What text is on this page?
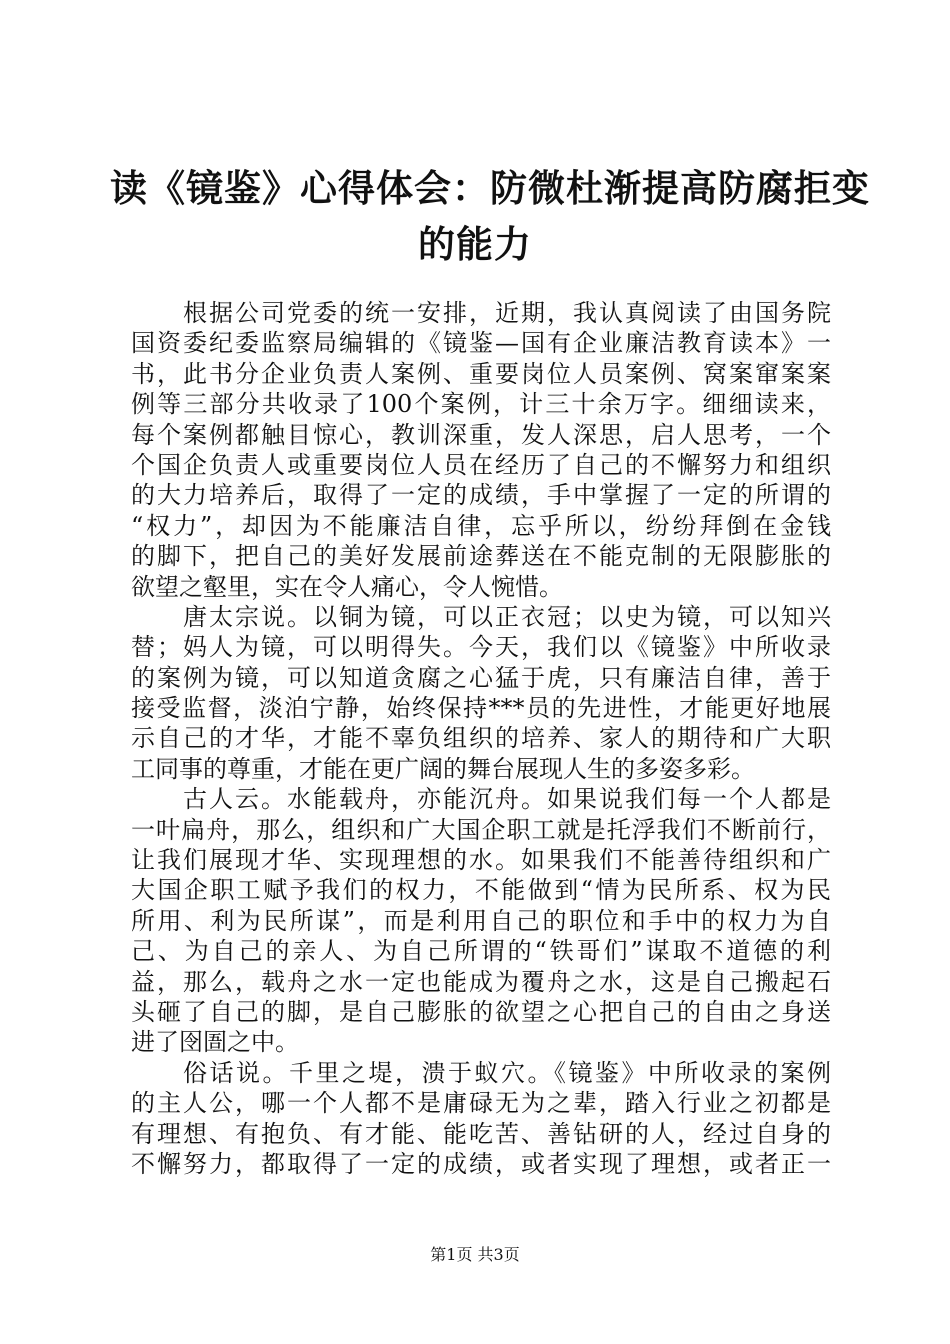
读《镜鉴》心得体会：防微杜渐提高防腐拒变
的能力
根据公司党委的统一安排，近期，我认真阅读了由国务院
国资委纪委监察局编辑的《镜鉴—国有企业廉洁教育读本》一
书，此书分企业负责人案例、重要岗位人员案例、窝案窜案案
例等三部分共收录了100个案例，计三十余万字。细细读来，
每个案例都触目惊心，教训深重，发人深思，启人思考，一个
个国企负责人或重要岗位人员在经历了自己的不懈努力和组织
的大力培养后，取得了一定的成绩，手中掌握了一定的所谓的
“权力”，却因为不能廉洁自律，忘乎所以，纷纷拜倒在金钱
的脚下，把自己的美好发展前途葬送在不能克制的无限膨胀的
欲望之壑里，实在令人痛心，令人惋惜。
唐太宗说。以铜为镜，可以正衣冠；以史为镜，可以知兴
替；妈人为镜，可以明得失。今天，我们以《镜鉴》中所收录
的案例为镜，可以知道贪腐之心猛于虎，只有廉洁自律，善于
接受监督，淡泊宁静，始终保持***员的先进性，才能更好地展
示自己的才华，才能不辜负组织的培养、家人的期待和广大职
工同事的尊重，才能在更广阔的舞台展现人生的多姿多彩。
古人云。水能载舟，亦能沉舟。如果说我们每一个人都是
一叶扁舟，那么，组织和广大国企职工就是托浮我们不断前行，
让我们展现才华、实现理想的水。如果我们不能善待组织和广
大国企职工赋予我们的权力，不能做到“情为民所系、权为民
所用、利为民所谋”，而是利用自己的职位和手中的权力为自
己、为自己的亲人、为自己所谓的“铁哥们”谋取不道德的利
益，那么，载舟之水一定也能成为覆舟之水，这是自己搬起石
头砸了自己的脚，是自己膨胀的欲望之心把自己的自由之身送
进了囹圄之中。
俗话说。千里之堤，溃于蚁穴。《镜鉴》中所收录的案例
的主人公，哪一个人都不是庸碌无为之辈，踏入行业之初都是
有理想、有抱负、有才能、能吃苦、善钻研的人，经过自身的
不懈努力，都取得了一定的成绩，或者实现了理想，或者正一
第1页 共3页
